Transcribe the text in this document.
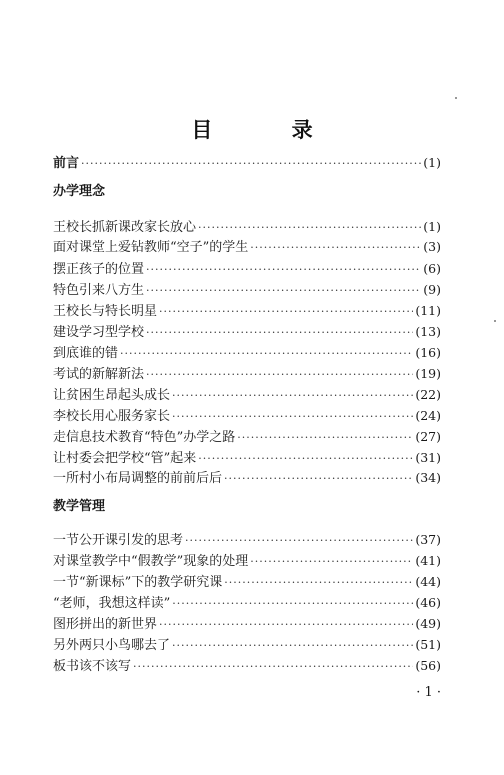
目 录
前言 ·····	(1)
办学理念
王校长抓新课改家长放心 ·····	(1)
面对课堂上爱钻教师“空子”的学生 ·····	(3)
摆正孩子的位置 ·····	(6)
特色引来八方生 ·····	(9)
王校长与特长明星 ·····	(11)
建设学习型学校 ·····	(13)
到底谁的错 ·····	(16)
考试的新解新法 ·····	(19)
让贫困生昂起头成长 ·····	(22)
李校长用心服务家长 ·····	(24)
走信息技术教育“特色”办学之路 ·····	(27)
让村委会把学校“管”起来 ·····	(31)
一所村小布局调整的前前后后 ·····	(34)
教学管理
一节公开课引发的思考 ·····	(37)
对课堂教学中“假教学”现象的处理 ·····	(41)
一节“新课标”下的教学研究课 ·····	(44)
“老师，我想这样读” ·····	(46)
图形拼出的新世界 ·····	(49)
另外两只小鸟哪去了 ·····	(51)
板书该不该写 ·····	(56)
· 1 ·
